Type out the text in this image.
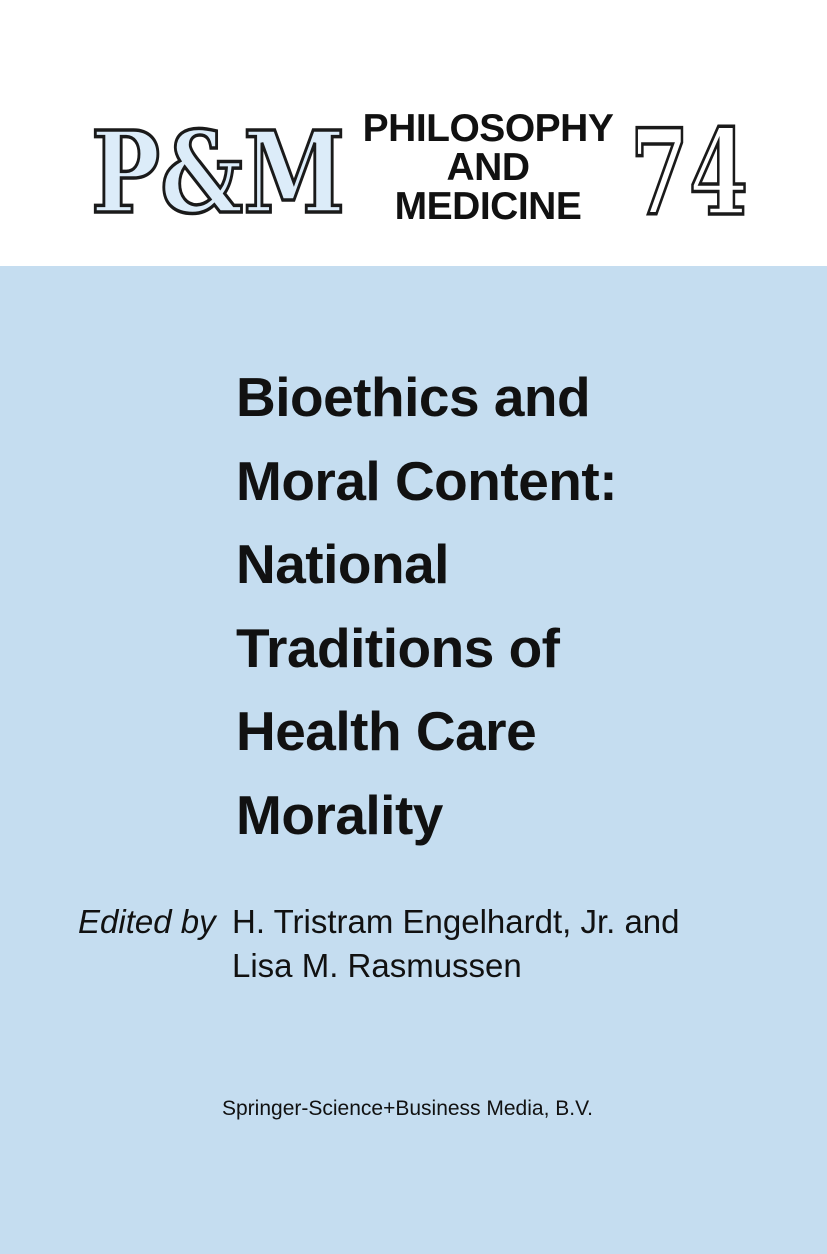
P&M PHILOSOPHY
AND
MEDICINE 74
Bioethics and
Moral Content:
National
Traditions of
Health Care
Morality
Edited by H. Tristram Engelhardt, Jr. and
Lisa M. Rasmussen
Springer-Science+Business Media, B.V.
